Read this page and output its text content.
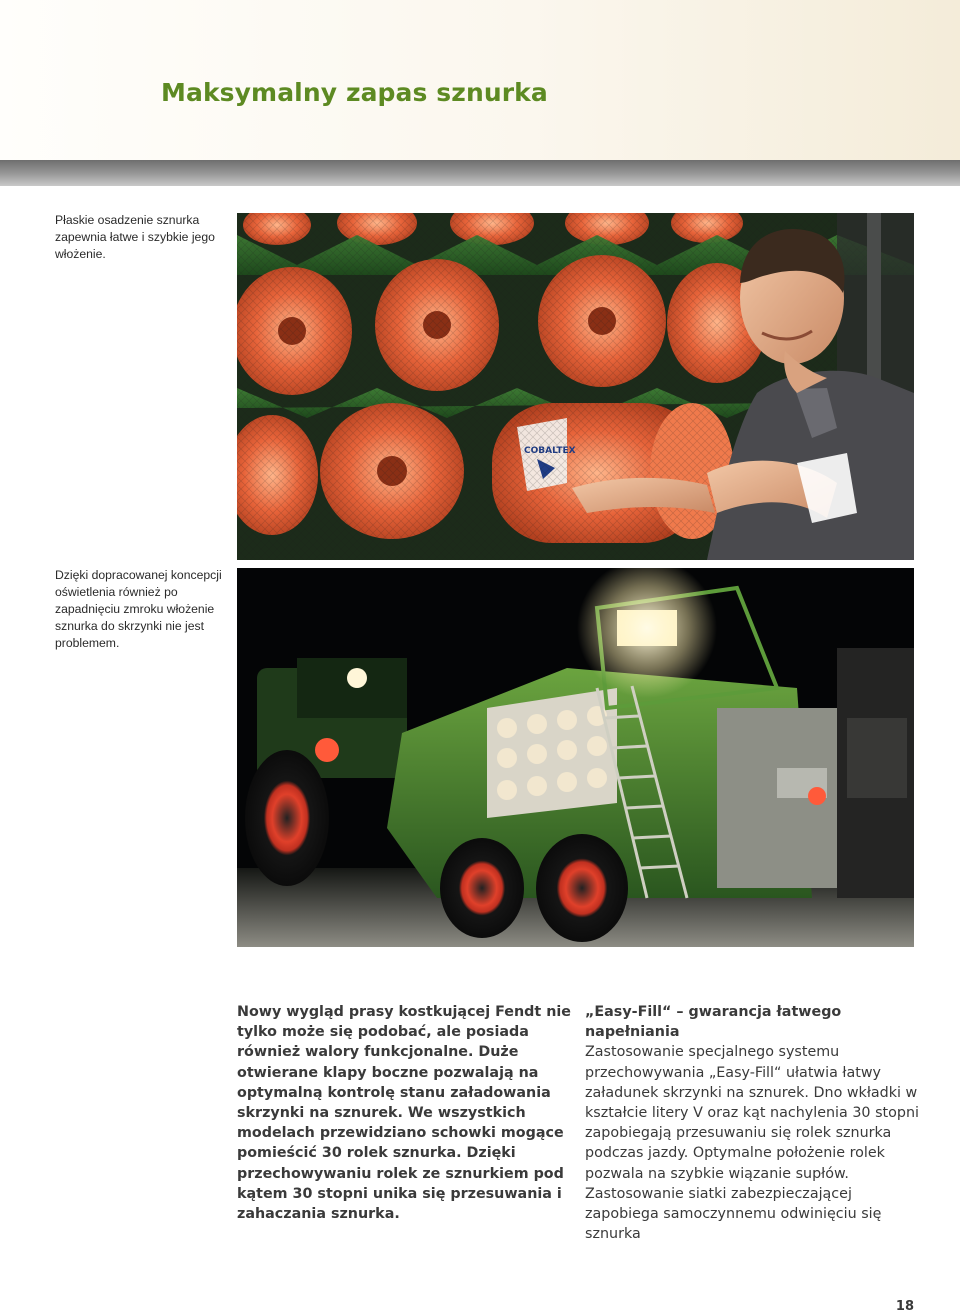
Maksymalny zapas sznurka

Płaskie osadzenie sznurka zapewnia łatwe i szybkie jego włożenie.

Dzięki dopracowanej koncepcji oświetlenia również po zapadnięciu zmroku włożenie sznurka do skrzynki nie jest problemem.

COBALTEX
Nowy wygląd prasy kostkującej Fendt nie tylko może się podobać, ale posiada również walory funkcjonalne. Duże otwierane klapy boczne pozwalają na optymalną kontrolę stanu załadowania skrzynki na sznurek. We wszystkich modelach przewidziano schowki mogące pomieścić 30 rolek sznurka. Dzięki przechowywaniu rolek ze sznurkiem pod kątem 30 stopni unika się przesuwania i zahaczania sznurka.
„Easy-Fill“ – gwarancja łatwego napełniania
Zastosowanie specjalnego systemu przechowywania „Easy-Fill“ ułatwia łatwy załadunek skrzynki na sznurek. Dno wkładki w kształcie litery V oraz kąt nachylenia 30 stopni zapobiegają przesuwaniu się rolek sznurka podczas jazdy. Optymalne położenie rolek pozwala na szybkie wiązanie supłów. Zastosowanie siatki zabezpieczającej zapobiega samoczynnemu odwinięciu się sznurka
18
